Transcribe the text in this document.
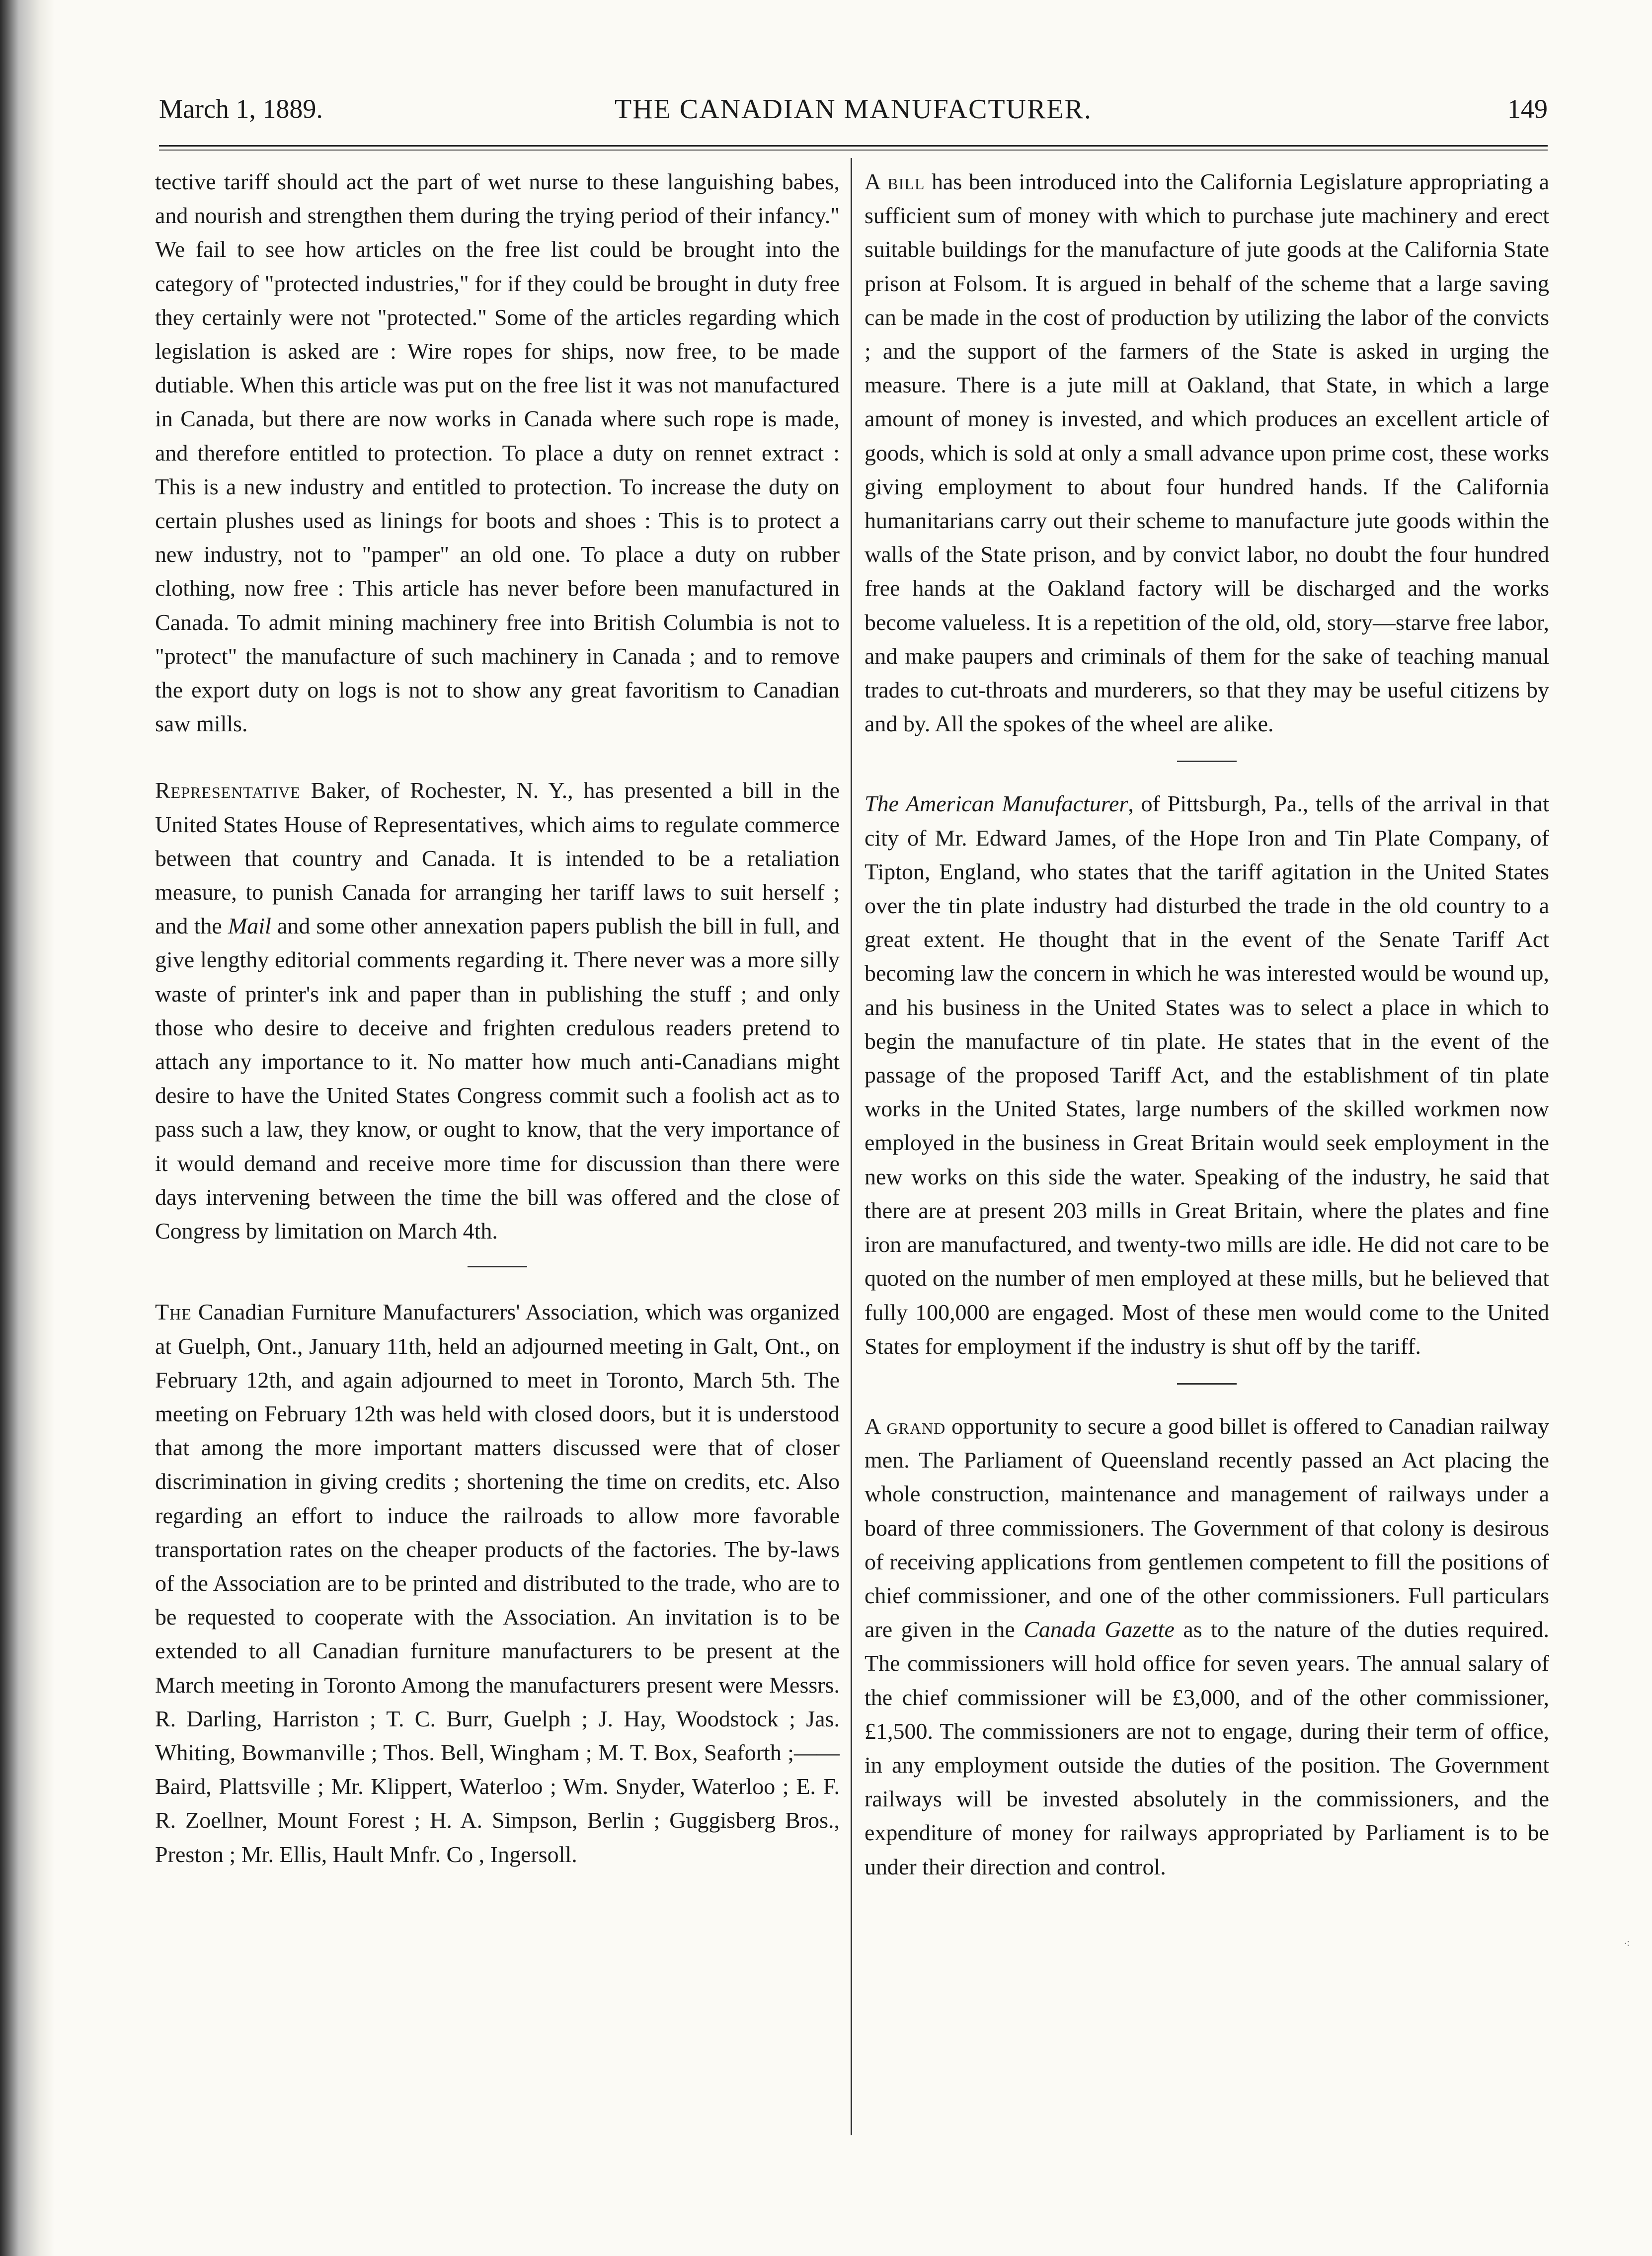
March 1, 1889.	THE CANADIAN MANUFACTURER.	149

tective tariff should act the part of wet nurse to these languishing babes, and nourish and strengthen them during the trying period of their infancy." We fail to see how articles on the free list could be brought into the category of "protected industries," for if they could be brought in duty free they certainly were not "protected." Some of the articles regarding which legislation is asked are : Wire ropes for ships, now free, to be made dutiable. When this article was put on the free list it was not manufactured in Canada, but there are now works in Canada where such rope is made, and therefore entitled to protection. To place a duty on rennet extract : This is a new industry and entitled to protection. To increase the duty on certain plushes used as linings for boots and shoes : This is to protect a new industry, not to "pamper" an old one. To place a duty on rubber clothing, now free : This article has never before been manufactured in Canada. To admit mining machinery free into British Columbia is not to "protect" the manufacture of such machinery in Canada ; and to remove the export duty on logs is not to show any great favoritism to Canadian saw mills.

Representative Baker, of Rochester, N. Y., has presented a bill in the United States House of Representatives, which aims to regulate commerce between that country and Canada. It is intended to be a retaliation measure, to punish Canada for arranging her tariff laws to suit herself ; and the Mail and some other annexation papers publish the bill in full, and give lengthy editorial comments regarding it. There never was a more silly waste of printer's ink and paper than in publishing the stuff ; and only those who desire to deceive and frighten credulous readers pretend to attach any importance to it. No matter how much anti-Canadians might desire to have the United States Congress commit such a foolish act as to pass such a law, they know, or ought to know, that the very importance of it would demand and receive more time for discussion than there were days intervening between the time the bill was offered and the close of Congress by limitation on March 4th.

The Canadian Furniture Manufacturers' Association, which was organized at Guelph, Ont., January 11th, held an adjourned meeting in Galt, Ont., on February 12th, and again adjourned to meet in Toronto, March 5th. The meeting on February 12th was held with closed doors, but it is understood that among the more important matters discussed were that of closer discrimination in giving credits ; shortening the time on credits, etc. Also regarding an effort to induce the railroads to allow more favorable transportation rates on the cheaper products of the factories. The by-laws of the Association are to be printed and distributed to the trade, who are to be requested to cooperate with the Association. An invitation is to be extended to all Canadian furniture manufacturers to be present at the March meeting in Toronto Among the manufacturers present were Messrs. R. Darling, Harriston ; T. C. Burr, Guelph ; J. Hay, Woodstock ; Jas. Whiting, Bowmanville ; Thos. Bell, Wingham ; M. T. Box, Seaforth ;—— Baird, Plattsville ; Mr. Klippert, Waterloo ; Wm. Snyder, Waterloo ; E. F. R. Zoellner, Mount Forest ; H. A. Simpson, Berlin ; Guggisberg Bros., Preston ; Mr. Ellis, Hault Mnfr. Co , Ingersoll.

A bill has been introduced into the California Legislature appropriating a sufficient sum of money with which to purchase jute machinery and erect suitable buildings for the manufacture of jute goods at the California State prison at Folsom. It is argued in behalf of the scheme that a large saving can be made in the cost of production by utilizing the labor of the convicts ; and the support of the farmers of the State is asked in urging the measure. There is a jute mill at Oakland, that State, in which a large amount of money is invested, and which produces an excellent article of goods, which is sold at only a small advance upon prime cost, these works giving employment to about four hundred hands. If the California humanitarians carry out their scheme to manufacture jute goods within the walls of the State prison, and by convict labor, no doubt the four hundred free hands at the Oakland factory will be discharged and the works become valueless. It is a repetition of the old, old, story—starve free labor, and make paupers and criminals of them for the sake of teaching manual trades to cut-throats and murderers, so that they may be useful citizens by and by. All the spokes of the wheel are alike.

The American Manufacturer, of Pittsburgh, Pa., tells of the arrival in that city of Mr. Edward James, of the Hope Iron and Tin Plate Company, of Tipton, England, who states that the tariff agitation in the United States over the tin plate industry had disturbed the trade in the old country to a great extent. He thought that in the event of the Senate Tariff Act becoming law the concern in which he was interested would be wound up, and his business in the United States was to select a place in which to begin the manufacture of tin plate. He states that in the event of the passage of the proposed Tariff Act, and the establishment of tin plate works in the United States, large numbers of the skilled workmen now employed in the business in Great Britain would seek employment in the new works on this side the water. Speaking of the industry, he said that there are at present 203 mills in Great Britain, where the plates and fine iron are manufactured, and twenty-two mills are idle. He did not care to be quoted on the number of men employed at these mills, but he believed that fully 100,000 are engaged. Most of these men would come to the United States for employment if the industry is shut off by the tariff.

A grand opportunity to secure a good billet is offered to Canadian railway men. The Parliament of Queensland recently passed an Act placing the whole construction, maintenance and management of railways under a board of three commissioners. The Government of that colony is desirous of receiving applications from gentlemen competent to fill the positions of chief commissioner, and one of the other commissioners. Full particulars are given in the Canada Gazette as to the nature of the duties required. The commissioners will hold office for seven years. The annual salary of the chief commissioner will be £3,000, and of the other commissioner, £1,500. The commissioners are not to engage, during their term of office, in any employment outside the duties of the position. The Government railways will be invested absolutely in the commissioners, and the expenditure of money for railways appropriated by Parliament is to be under their direction and control.

⁖
